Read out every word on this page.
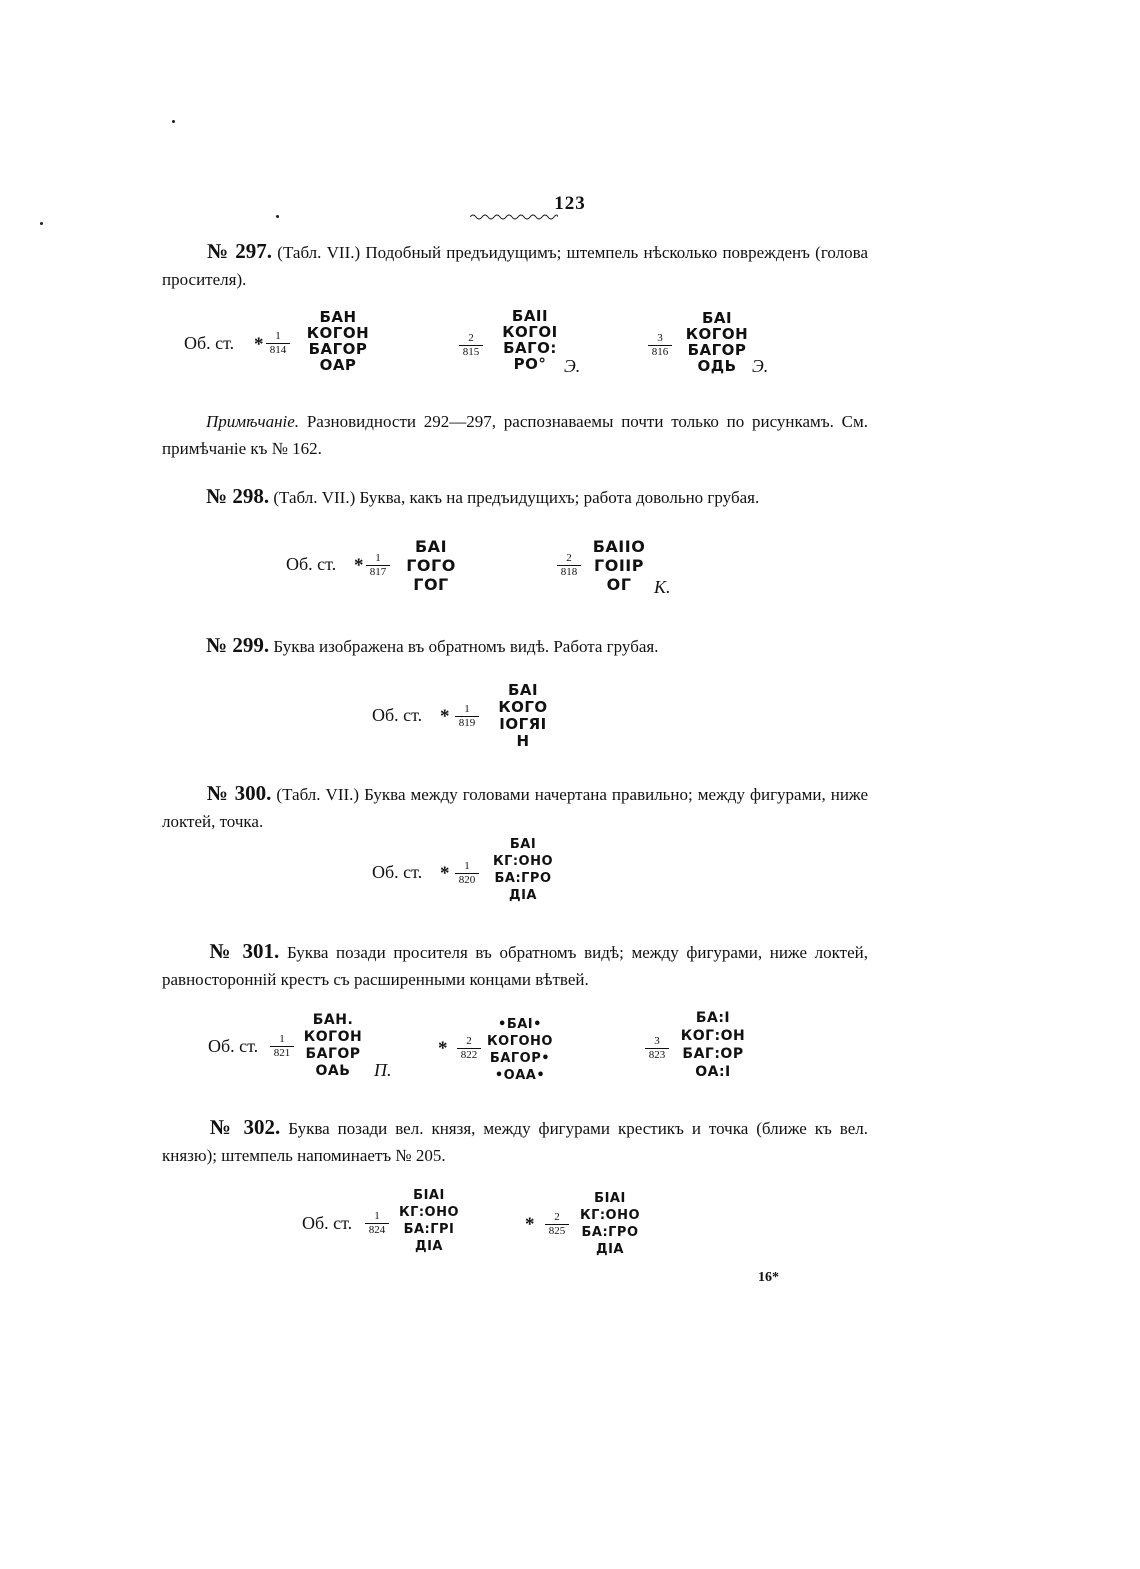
123
№ 297. (Табл. VII.) Подобный предъидущимъ; штемпель нѣсколько поврежденъ (голова просителя).
Об. ст. * $\frac{1}{814}$
БАН
КОГОН
БАГОР
ОАР
$\frac{2}{815}$
БАІІ
КОГОІ
БАГО:
РО° Э.
$\frac{3}{816}$
БАІ
КОГОН
БАГОР
ОДЬ Э.
Примѣчаніе. Разновидности 292—297, распознаваемы почти только по рисункамъ. См. примѣчаніе къ № 162.
№ 298. (Табл. VII.) Буква, какъ на предъидущихъ; работа довольно грубая.
Об. ст. * $\frac{1}{817}$
БАІ
ГОГО
ГОГ
$\frac{2}{818}$
БАІІО
ГОІІР
ОГ	К.
№ 299. Буква изображена въ обратномъ видѣ. Работа грубая.
Об. ст. * $\frac{1}{819}$
БАІ
КОГО
ІОГЯІ
Н
№ 300. (Табл. VII.) Буква между головами начертана правильно; между фигурами, ниже локтей, точка.
Об. ст. * $\frac{1}{820}$
БАІ
КГ:ОНО
БА:ГРО
ДІА
№ 301. Буква позади просителя въ обратномъ видѣ; между фигурами, ниже локтей, равносторонній крестъ съ расширенными концами вѣтвей.
Об. ст. $\frac{1}{821}$
БАН.
КОГОН
БАГОР
ОАЬ	П.
* $\frac{2}{822}$
•БАІ•
КОГОНО
БАГОР•
•ОАА•
$\frac{3}{823}$
БА:І
КОГ:ОН
БАГ:ОР
ОА:І
№ 302. Буква позади вел. князя, между фигурами крестикъ и точка (ближе къ вел. князю); штемпель напоминаетъ № 205.
Об. ст. $\frac{1}{824}$
БІАІ
КГ:ОНО
БА:ГРІ
ДІА
* $\frac{2}{825}$
БІАІ
КГ:ОНО
БА:ГРО
ДІА
16*
